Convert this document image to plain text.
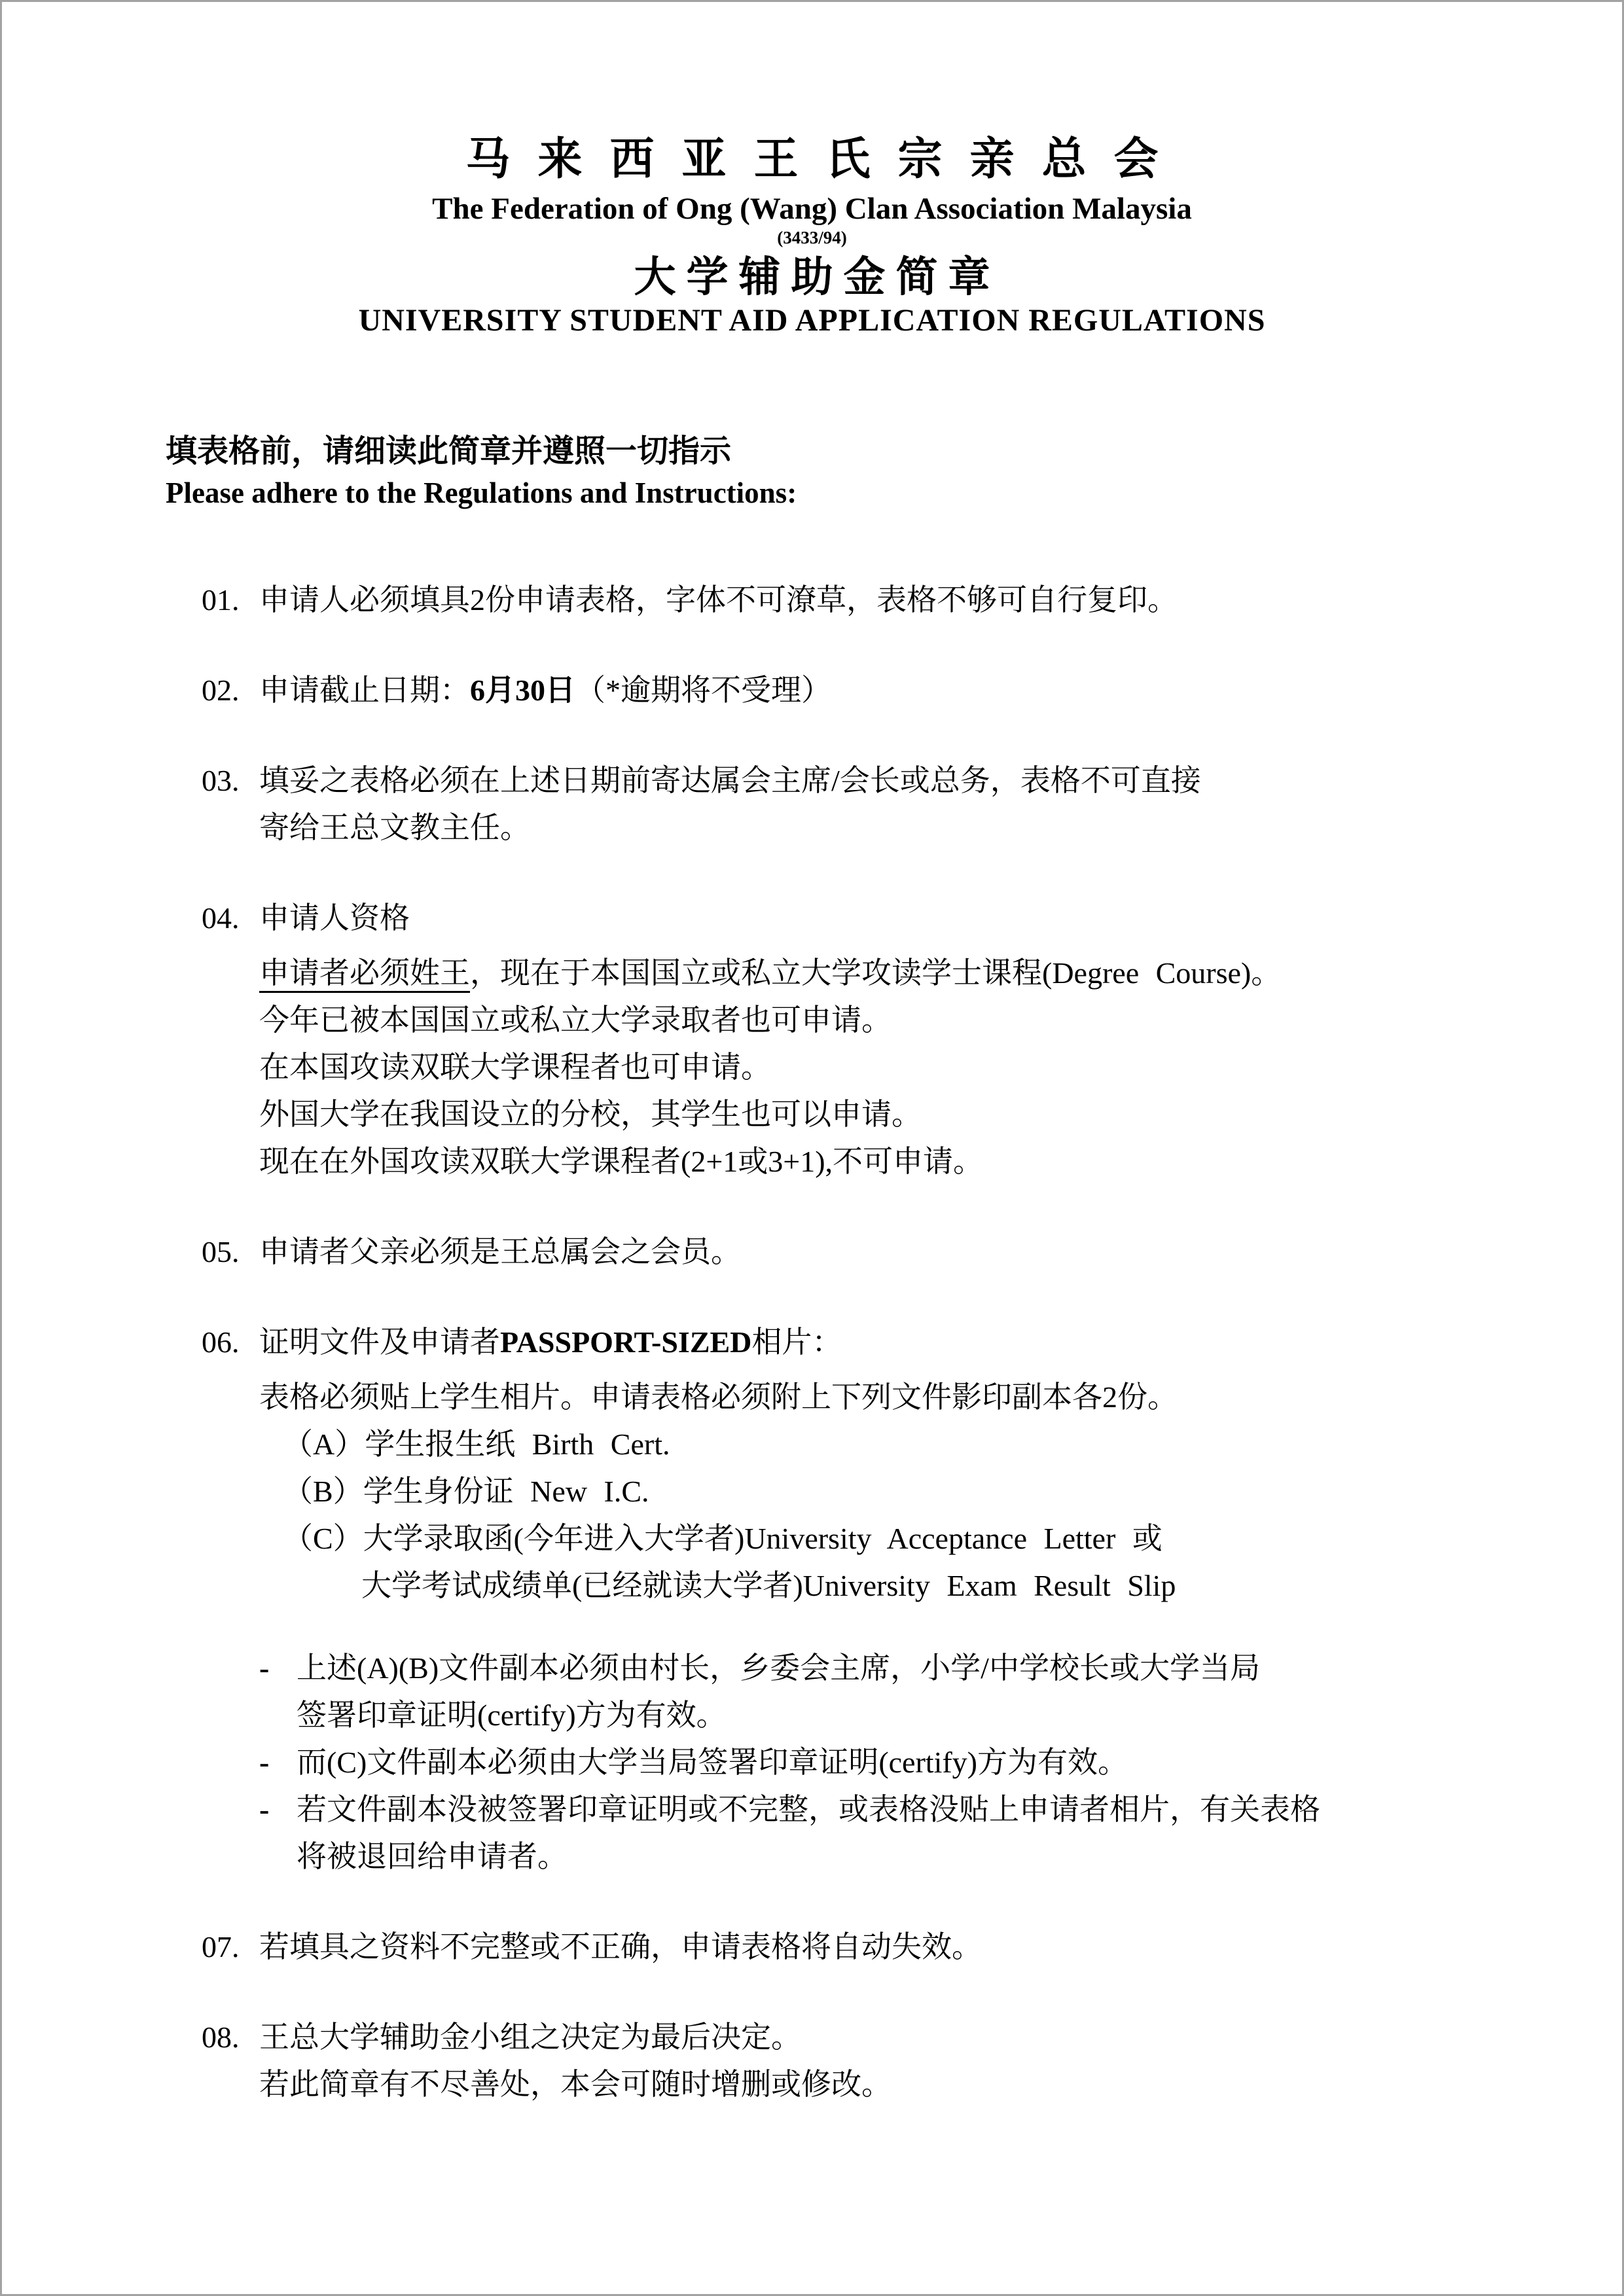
马来西亚王氏宗亲总会
The Federation of Ong (Wang) Clan Association Malaysia
(3433/94)
大学辅助金简章
UNIVERSITY STUDENT AID APPLICATION REGULATIONS
填表格前，请细读此简章并遵照一切指示
Please adhere to the Regulations and Instructions:
01. 申请人必须填具2份申请表格，字体不可潦草，表格不够可自行复印。
02. 申请截止日期：6月30日（*逾期将不受理）
03. 填妥之表格必须在上述日期前寄达属会主席/会长或总务，表格不可直接
寄给王总文教主任。
04. 申请人资格
申请者必须姓王，现在于本国国立或私立大学攻读学士课程(Degree Course)。
今年已被本国国立或私立大学录取者也可申请。
在本国攻读双联大学课程者也可申请。
外国大学在我国设立的分校，其学生也可以申请。
现在在外国攻读双联大学课程者(2+1或3+1),不可申请。
05. 申请者父亲必须是王总属会之会员。
06. 证明文件及申请者PASSPORT-SIZED相片：
表格必须贴上学生相片。申请表格必须附上下列文件影印副本各2份。
（A）学生报生纸 Birth Cert.
（B）学生身份证 New I.C.
（C）大学录取函(今年进入大学者)University Acceptance Letter 或
大学考试成绩单(已经就读大学者)University Exam Result Slip
- 上述(A)(B)文件副本必须由村长，乡委会主席，小学/中学校长或大学当局
签署印章证明(certify)方为有效。
- 而(C)文件副本必须由大学当局签署印章证明(certify)方为有效。
- 若文件副本没被签署印章证明或不完整，或表格没贴上申请者相片，有关表格
将被退回给申请者。
07. 若填具之资料不完整或不正确，申请表格将自动失效。
08. 王总大学辅助金小组之决定为最后决定。
若此简章有不尽善处，本会可随时增删或修改。
